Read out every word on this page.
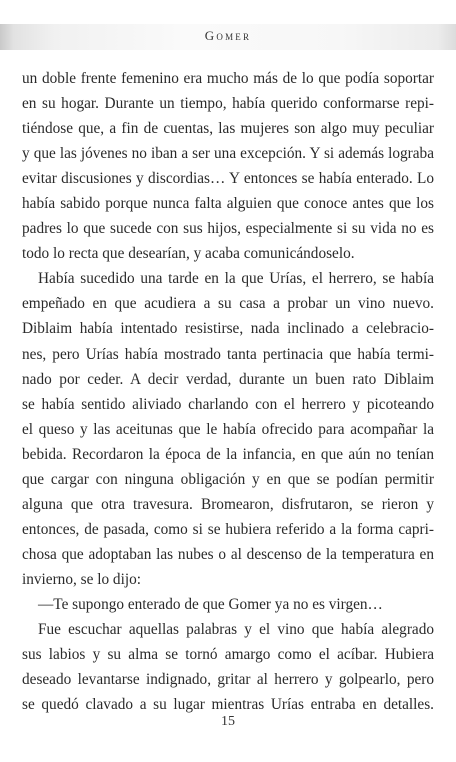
Gomer

un doble frente femenino era mucho más de lo que podía soportar
en su hogar. Durante un tiempo, había querido conformarse repi-
tiéndose que, a fin de cuentas, las mujeres son algo muy peculiar
y que las jóvenes no iban a ser una excepción. Y si además lograba
evitar discusiones y discordias… Y entonces se había enterado. Lo
había sabido porque nunca falta alguien que conoce antes que los
padres lo que sucede con sus hijos, especialmente si su vida no es
todo lo recta que desearían, y acaba comunicándoselo.

Había sucedido una tarde en la que Urías, el herrero, se había
empeñado en que acudiera a su casa a probar un vino nuevo.
Diblaim había intentado resistirse, nada inclinado a celebracio-
nes, pero Urías había mostrado tanta pertinacia que había termi-
nado por ceder. A decir verdad, durante un buen rato Diblaim
se había sentido aliviado charlando con el herrero y picoteando
el queso y las aceitunas que le había ofrecido para acompañar la
bebida. Recordaron la época de la infancia, en que aún no tenían
que cargar con ninguna obligación y en que se podían permitir
alguna que otra travesura. Bromearon, disfrutaron, se rieron y
entonces, de pasada, como si se hubiera referido a la forma capri-
chosa que adoptaban las nubes o al descenso de la temperatura en
invierno, se lo dijo:

—Te supongo enterado de que Gomer ya no es virgen…

Fue escuchar aquellas palabras y el vino que había alegrado
sus labios y su alma se tornó amargo como el acíbar. Hubiera
deseado levantarse indignado, gritar al herrero y golpearlo, pero
se quedó clavado a su lugar mientras Urías entraba en detalles.

15
